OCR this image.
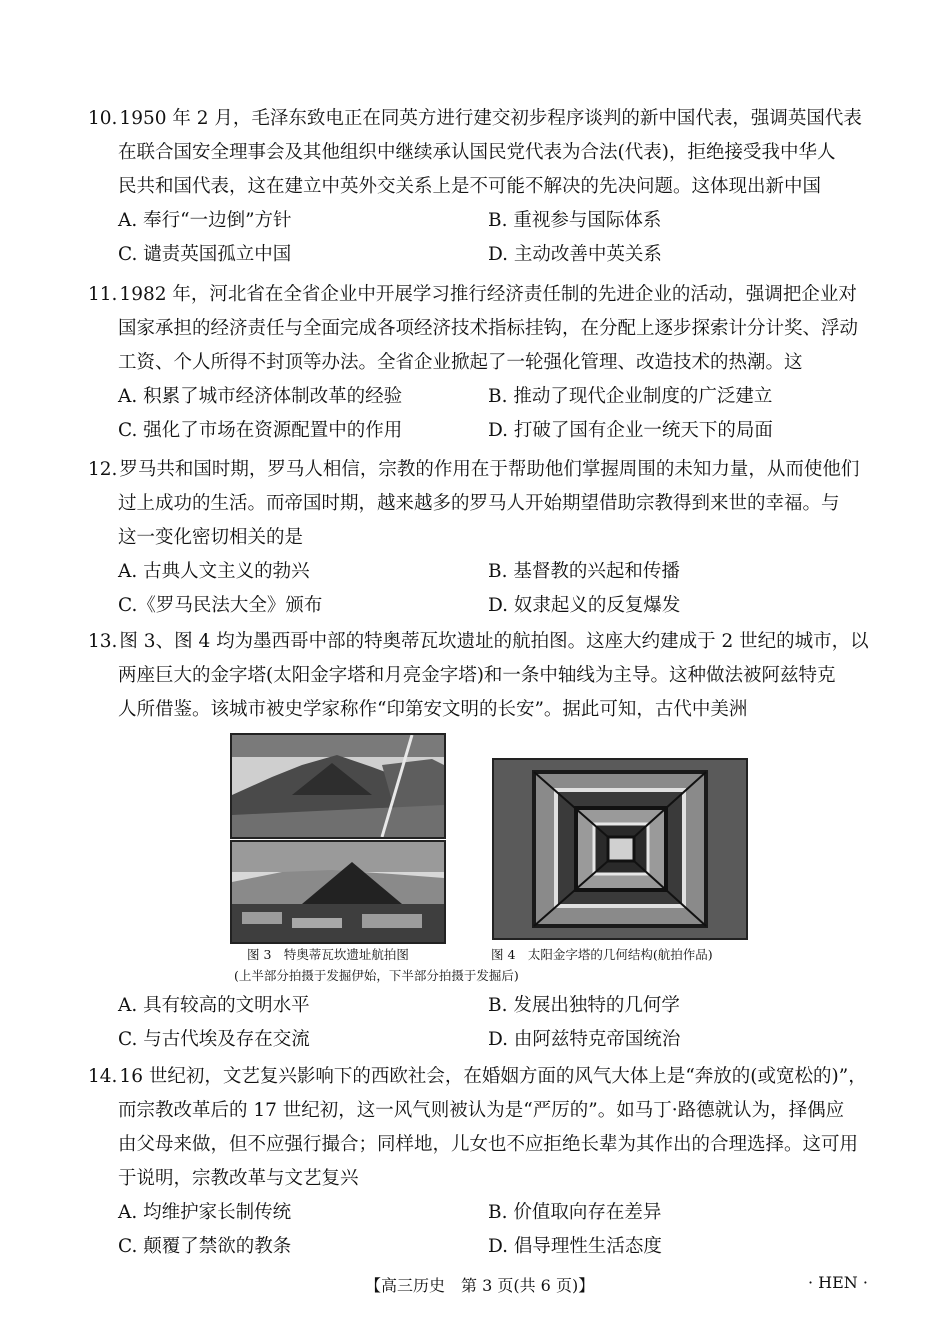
10. 1950 年 2 月，毛泽东致电正在同英方进行建交初步程序谈判的新中国代表，强调英国代表
在联合国安全理事会及其他组织中继续承认国民党代表为合法(代表)，拒绝接受我中华人
民共和国代表，这在建立中英外交关系上是不可能不解决的先决问题。这体现出新中国
A. 奉行“一边倒”方针	B. 重视参与国际体系
C. 谴责英国孤立中国	D. 主动改善中英关系
11. 1982 年，河北省在全省企业中开展学习推行经济责任制的先进企业的活动，强调把企业对
国家承担的经济责任与全面完成各项经济技术指标挂钩，在分配上逐步探索计分计奖、浮动
工资、个人所得不封顶等办法。全省企业掀起了一轮强化管理、改造技术的热潮。这
A. 积累了城市经济体制改革的经验	B. 推动了现代企业制度的广泛建立
C. 强化了市场在资源配置中的作用	D. 打破了国有企业一统天下的局面
12. 罗马共和国时期，罗马人相信，宗教的作用在于帮助他们掌握周围的未知力量，从而使他们
过上成功的生活。而帝国时期，越来越多的罗马人开始期望借助宗教得到来世的幸福。与
这一变化密切相关的是
A. 古典人文主义的勃兴	B. 基督教的兴起和传播
C.《罗马民法大全》颁布	D. 奴隶起义的反复爆发
13. 图 3、图 4 均为墨西哥中部的特奥蒂瓦坎遗址的航拍图。这座大约建成于 2 世纪的城市，以
两座巨大的金字塔(太阳金字塔和月亮金字塔)和一条中轴线为主导。这种做法被阿兹特克
人所借鉴。该城市被史学家称作“印第安文明的长安”。据此可知，古代中美洲
图 3　特奥蒂瓦坎遗址航拍图
(上半部分拍摄于发掘伊始，下半部分拍摄于发掘后)
图 4　太阳金字塔的几何结构(航拍作品)
A. 具有较高的文明水平	B. 发展出独特的几何学
C. 与古代埃及存在交流	D. 由阿兹特克帝国统治
14. 16 世纪初，文艺复兴影响下的西欧社会，在婚姻方面的风气大体上是“奔放的(或宽松的)”，
而宗教改革后的 17 世纪初，这一风气则被认为是“严厉的”。如马丁·路德就认为，择偶应
由父母来做，但不应强行撮合；同样地，儿女也不应拒绝长辈为其作出的合理选择。这可用
于说明，宗教改革与文艺复兴
A. 均维护家长制传统	B. 价值取向存在差异
C. 颠覆了禁欲的教条	D. 倡导理性生活态度
【高三历史　第 3 页(共 6 页)】	· HEN ·
